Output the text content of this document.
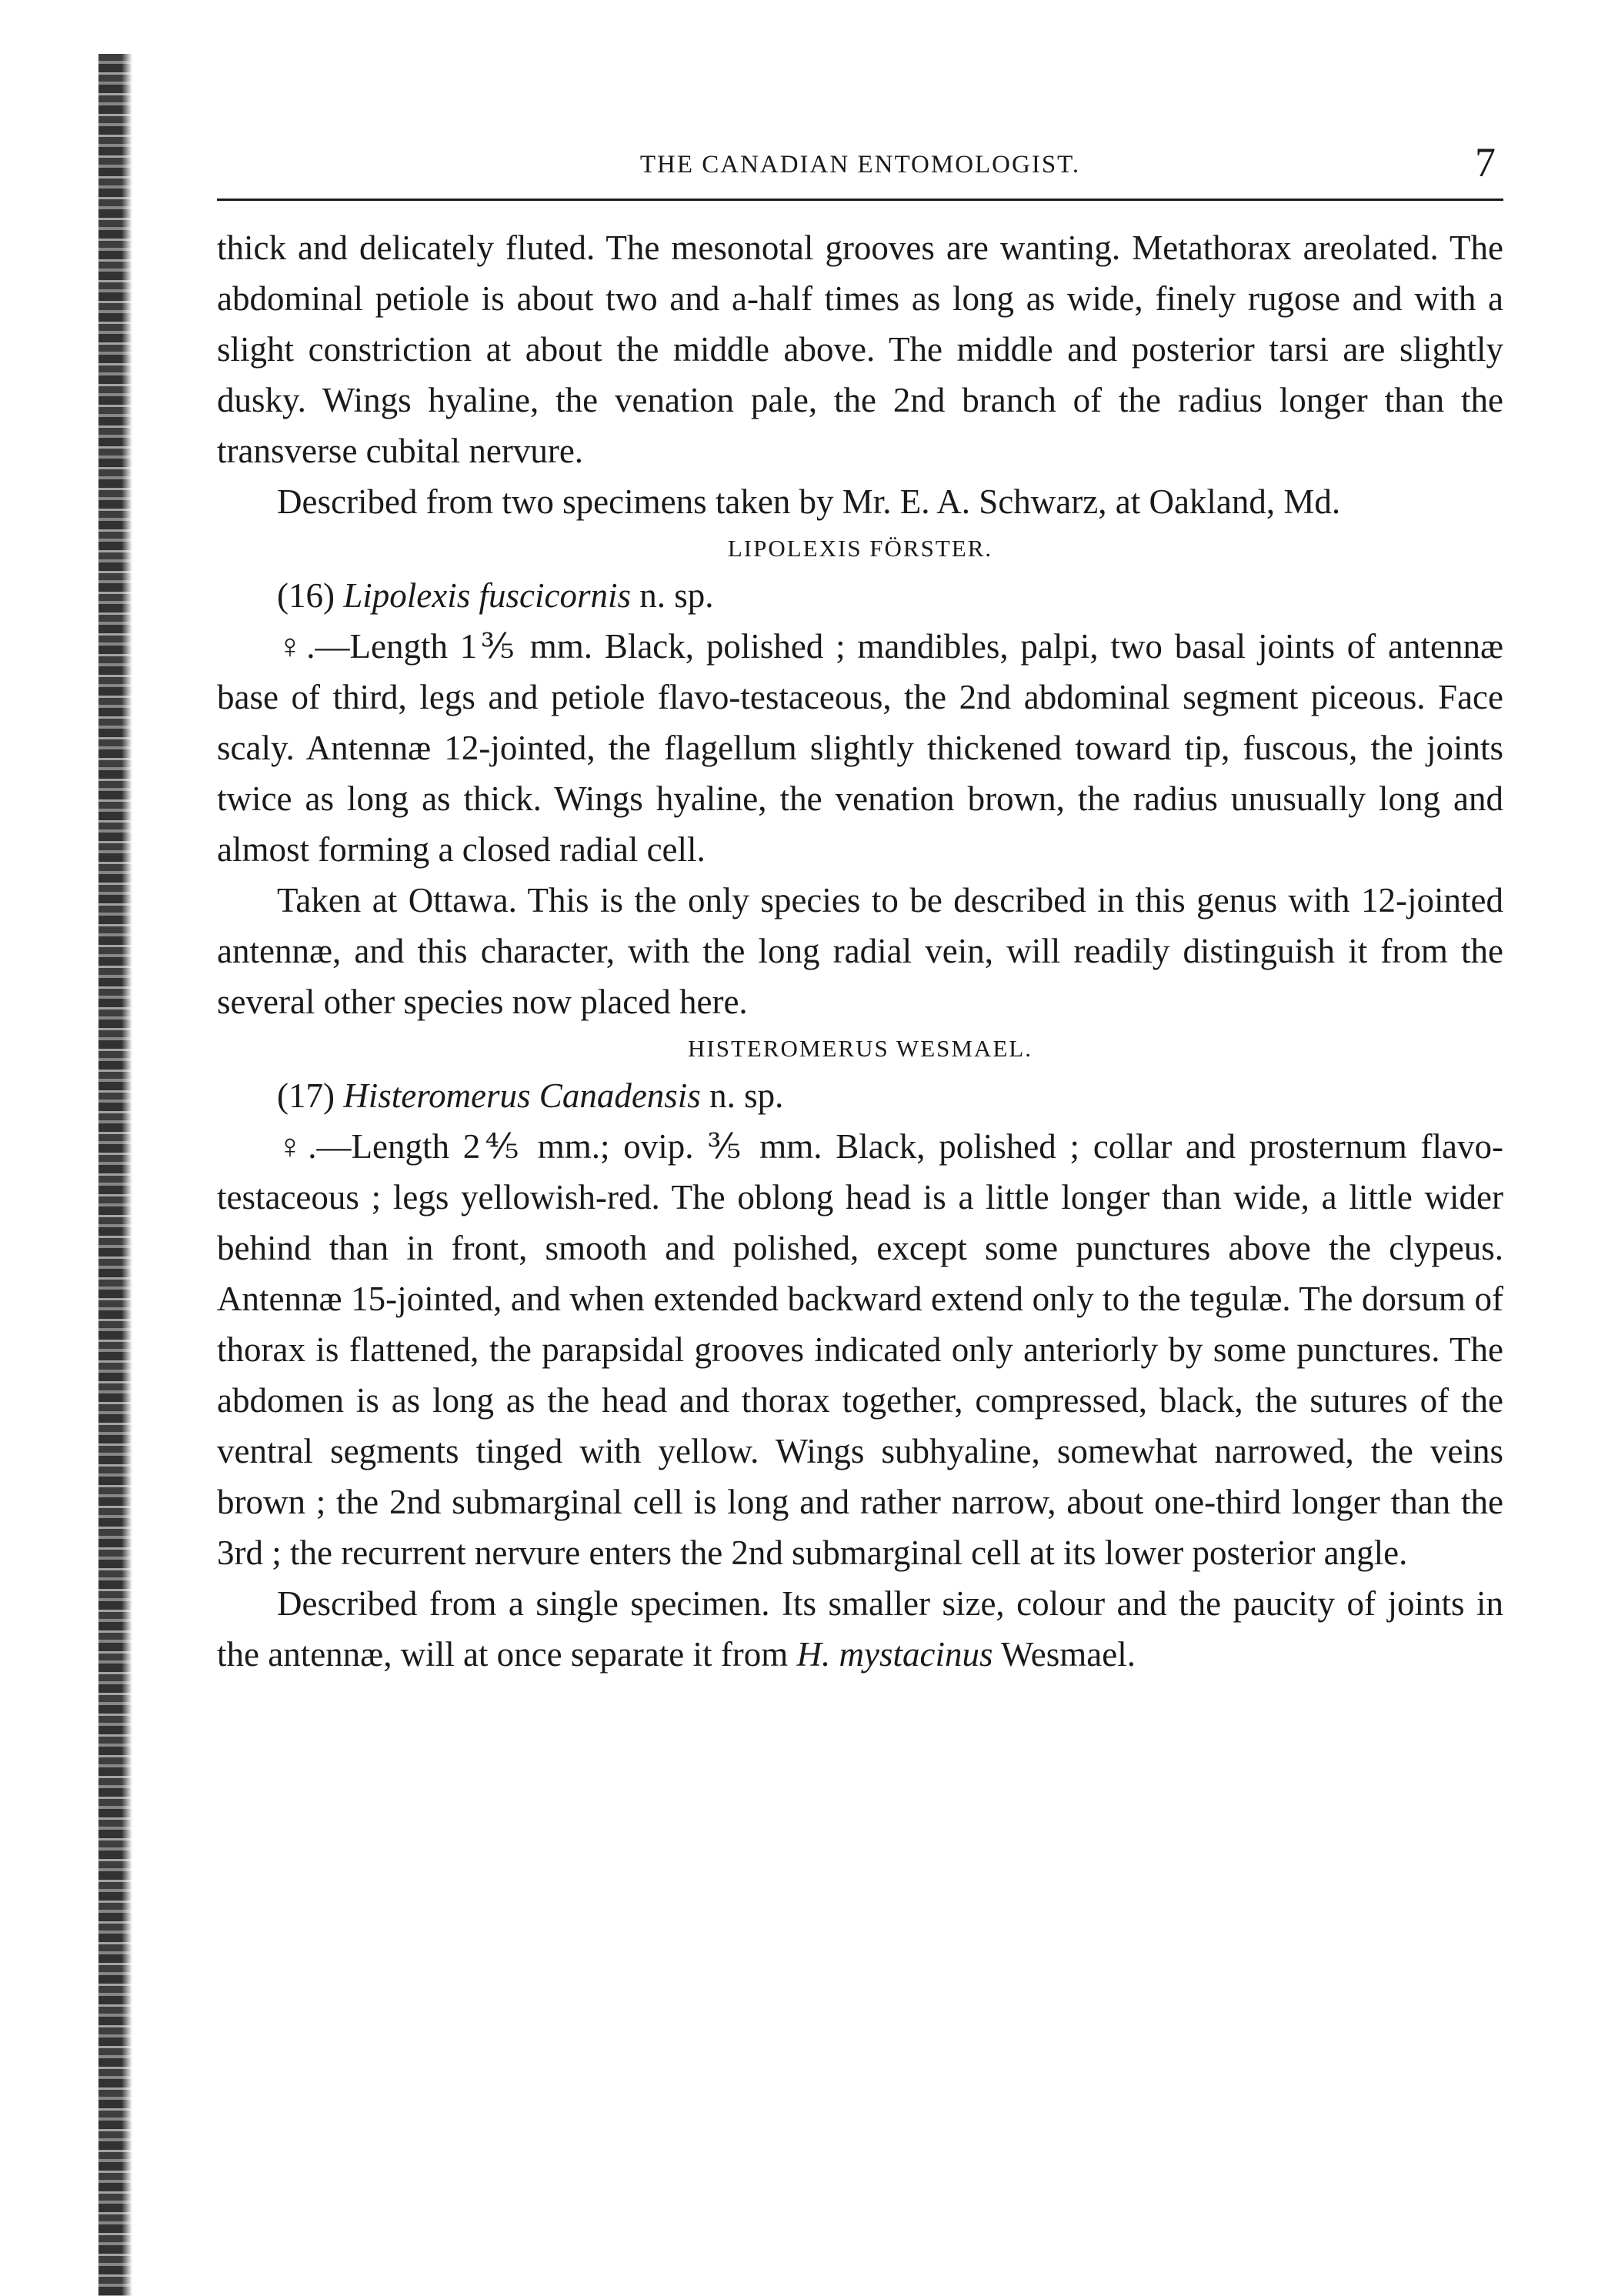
THE CANADIAN ENTOMOLOGIST.	7

thick and delicately fluted. The mesonotal grooves are wanting. Metathorax areolated. The abdominal petiole is about two and a-half times as long as wide, finely rugose and with a slight constriction at about the middle above. The middle and posterior tarsi are slightly dusky. Wings hyaline, the venation pale, the 2nd branch of the radius longer than the transverse cubital nervure.

Described from two specimens taken by Mr. E. A. Schwarz, at Oakland, Md.

LIPOLEXIS FÖRSTER.

(16) Lipolexis fuscicornis n. sp.

♀.—Length 1⅗ mm. Black, polished ; mandibles, palpi, two basal joints of antennæ base of third, legs and petiole flavo-testaceous, the 2nd abdominal segment piceous. Face scaly. Antennæ 12-jointed, the flagellum slightly thickened toward tip, fuscous, the joints twice as long as thick. Wings hyaline, the venation brown, the radius unusually long and almost forming a closed radial cell.

Taken at Ottawa. This is the only species to be described in this genus with 12-jointed antennæ, and this character, with the long radial vein, will readily distinguish it from the several other species now placed here.

HISTEROMERUS WESMAEL.

(17) Histeromerus Canadensis n. sp.

♀.—Length 2⅘ mm.; ovip. ⅗ mm. Black, polished ; collar and prosternum flavo-testaceous ; legs yellowish-red. The oblong head is a little longer than wide, a little wider behind than in front, smooth and polished, except some punctures above the clypeus. Antennæ 15-jointed, and when extended backward extend only to the tegulæ. The dorsum of thorax is flattened, the parapsidal grooves indicated only anteriorly by some punctures. The abdomen is as long as the head and thorax together, compressed, black, the sutures of the ventral segments tinged with yellow. Wings subhyaline, somewhat narrowed, the veins brown ; the 2nd submarginal cell is long and rather narrow, about one-third longer than the 3rd ; the recurrent nervure enters the 2nd submarginal cell at its lower posterior angle.

Described from a single specimen. Its smaller size, colour and the paucity of joints in the antennæ, will at once separate it from H. mystacinus Wesmael.
